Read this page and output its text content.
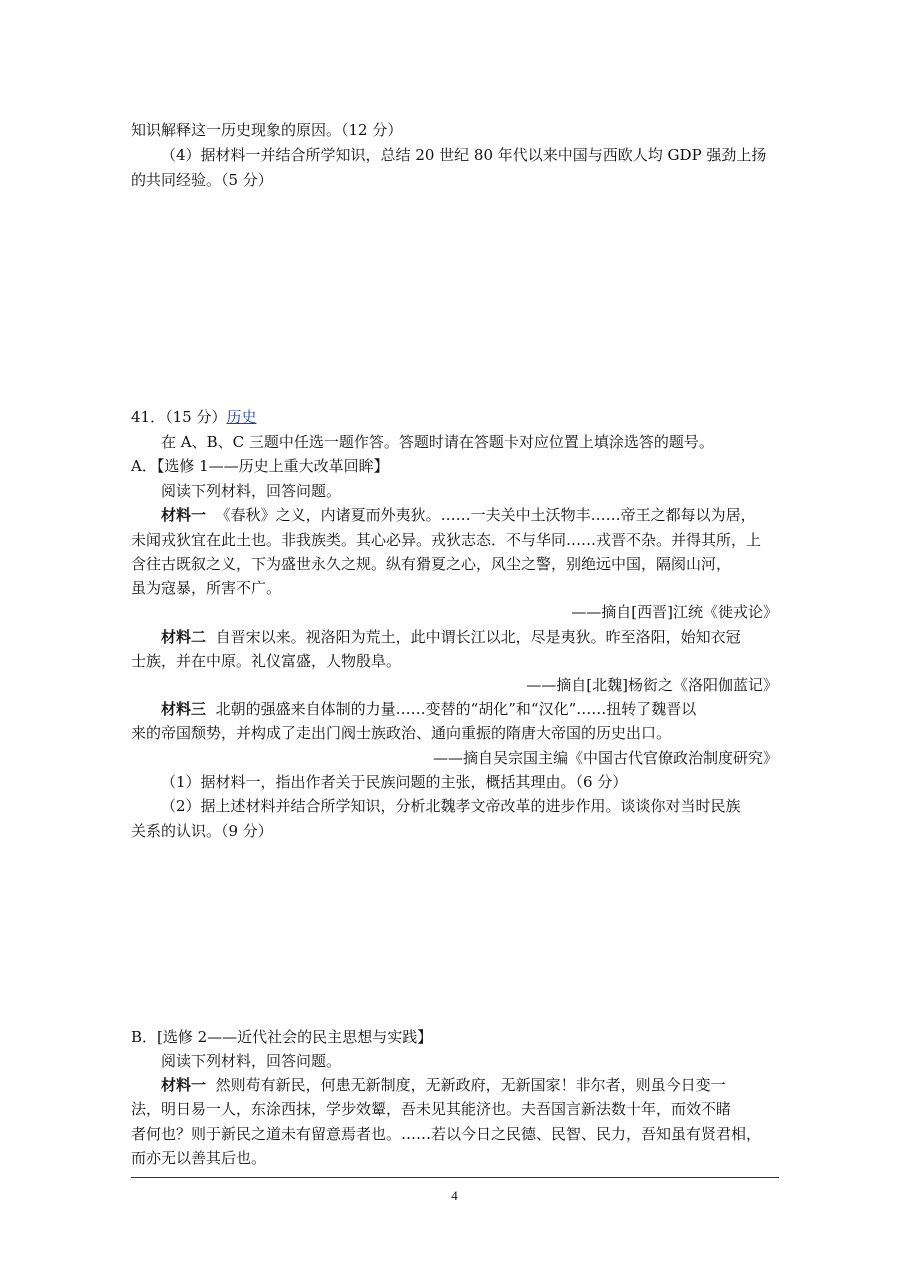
知识解释这一历史现象的原因。（12 分）
（4）据材料一并结合所学知识，总结 20 世纪 80 年代以来中国与西欧人均 GDP 强劲上扬
的共同经验。（5 分）
41．（15 分）历史
在 A、B、C 三题中任选一题作答。答题时请在答题卡对应位置上填涂选答的题号。
A．【选修 1——历史上重大改革回眸】
阅读下列材料，回答问题。
材料一 《春秋》之义，内诸夏而外夷狄。……一夫关中土沃物丰……帝王之都每以为居，
未闻戎狄宜在此土也。非我族类。其心必异。戎狄志态．不与华同……戎晋不杂。并得其所，上
含往古既叙之义，下为盛世永久之规。纵有猾夏之心，风尘之警，别绝远中国，隔阂山河，
虽为寇暴，所害不广。
——摘自[西晋]江统《徙戎论》
材料二 自晋宋以来。视洛阳为荒土，此中谓长江以北，尽是夷狄。昨至洛阳，始知衣冠
士族，并在中原。礼仪富盛，人物殷阜。
——摘自[北魏]杨衒之《洛阳伽蓝记》
材料三 北朝的强盛来自体制的力量……变替的“胡化”和“汉化”……扭转了魏晋以
来的帝国颓势，并构成了走出门阀士族政治、通向重振的隋唐大帝国的历史出口。
——摘自吴宗国主编《中国古代官僚政治制度研究》
（1）据材料一，指出作者关于民族问题的主张，概括其理由。（6 分）
（2）据上述材料并结合所学知识，分析北魏孝文帝改革的进步作用。谈谈你对当时民族
关系的认识。（9 分）
B．[选修 2——近代社会的民主思想与实践】
阅读下列材料，回答问题。
材料一 然则苟有新民，何患无新制度，无新政府，无新国家！非尔者，则虽今日变一
法，明日易一人，东涂西抹，学步效颦，吾未见其能济也。夫吾国言新法数十年，而效不睹
者何也？则于新民之道未有留意焉者也。……若以今日之民德、民智、民力，吾知虽有贤君相，
而亦无以善其后也。
4
